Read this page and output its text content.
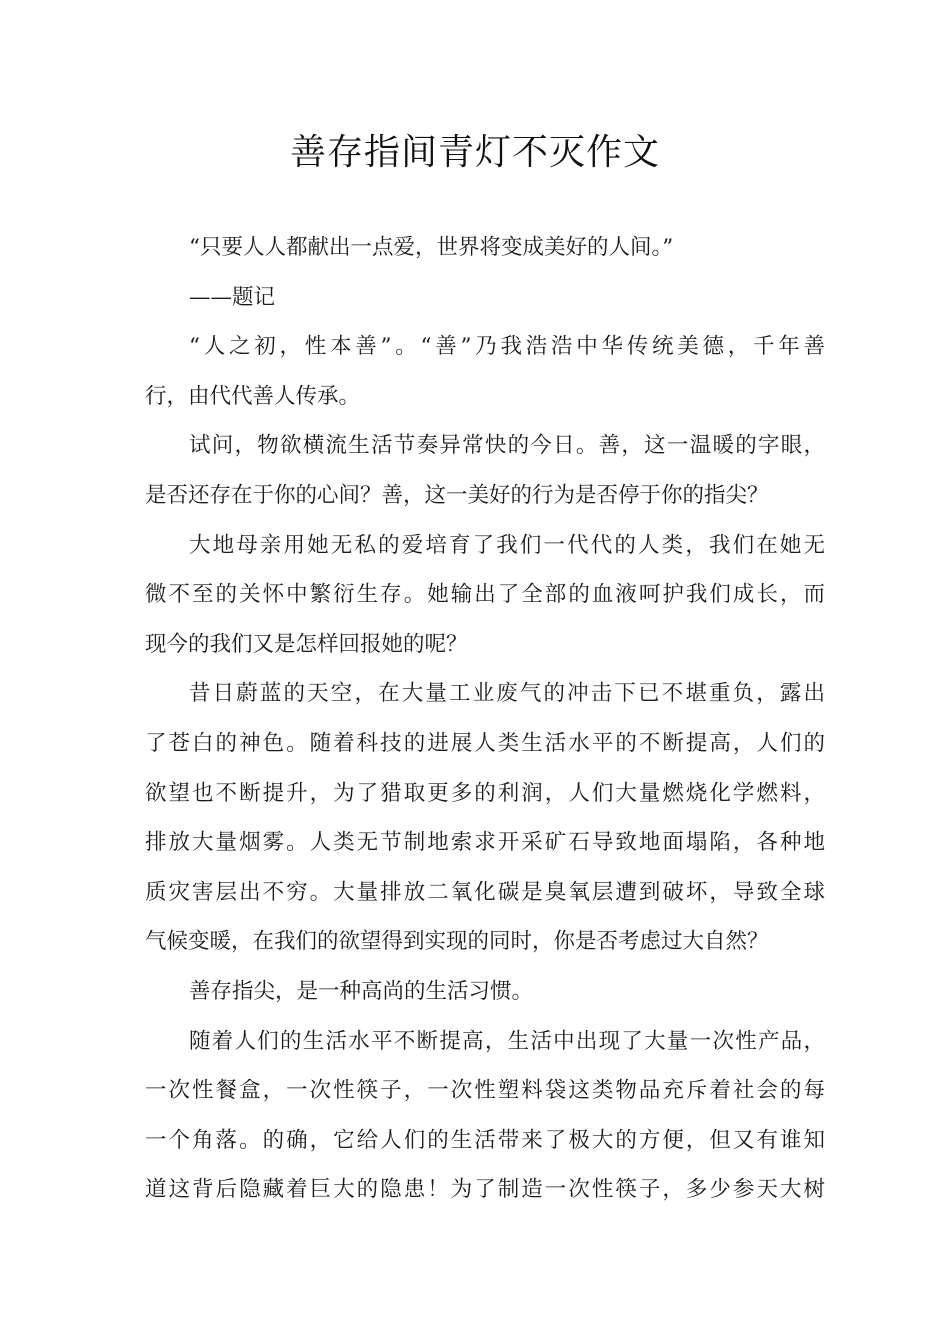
善存指间青灯不灭作文
“只要人人都献出一点爱，世界将变成美好的人间。”
——题记
“人之初，性本善”。“善”乃我浩浩中华传统美德，千年善
行，由代代善人传承。
试问，物欲横流生活节奏异常快的今日。善，这一温暖的字眼，
是否还存在于你的心间？善，这一美好的行为是否停于你的指尖？
大地母亲用她无私的爱培育了我们一代代的人类，我们在她无
微不至的关怀中繁衍生存。她输出了全部的血液呵护我们成长，而
现今的我们又是怎样回报她的呢？
昔日蔚蓝的天空，在大量工业废气的冲击下已不堪重负，露出
了苍白的神色。随着科技的进展人类生活水平的不断提高，人们的
欲望也不断提升，为了猎取更多的利润，人们大量燃烧化学燃料，
排放大量烟雾。人类无节制地索求开采矿石导致地面塌陷，各种地
质灾害层出不穷。大量排放二氧化碳是臭氧层遭到破坏，导致全球
气候变暖，在我们的欲望得到实现的同时，你是否考虑过大自然？
善存指尖，是一种高尚的生活习惯。
随着人们的生活水平不断提高，生活中出现了大量一次性产品，
一次性餐盒，一次性筷子，一次性塑料袋这类物品充斥着社会的每
一个角落。的确，它给人们的生活带来了极大的方便，但又有谁知
道这背后隐藏着巨大的隐患！为了制造一次性筷子，多少参天大树
